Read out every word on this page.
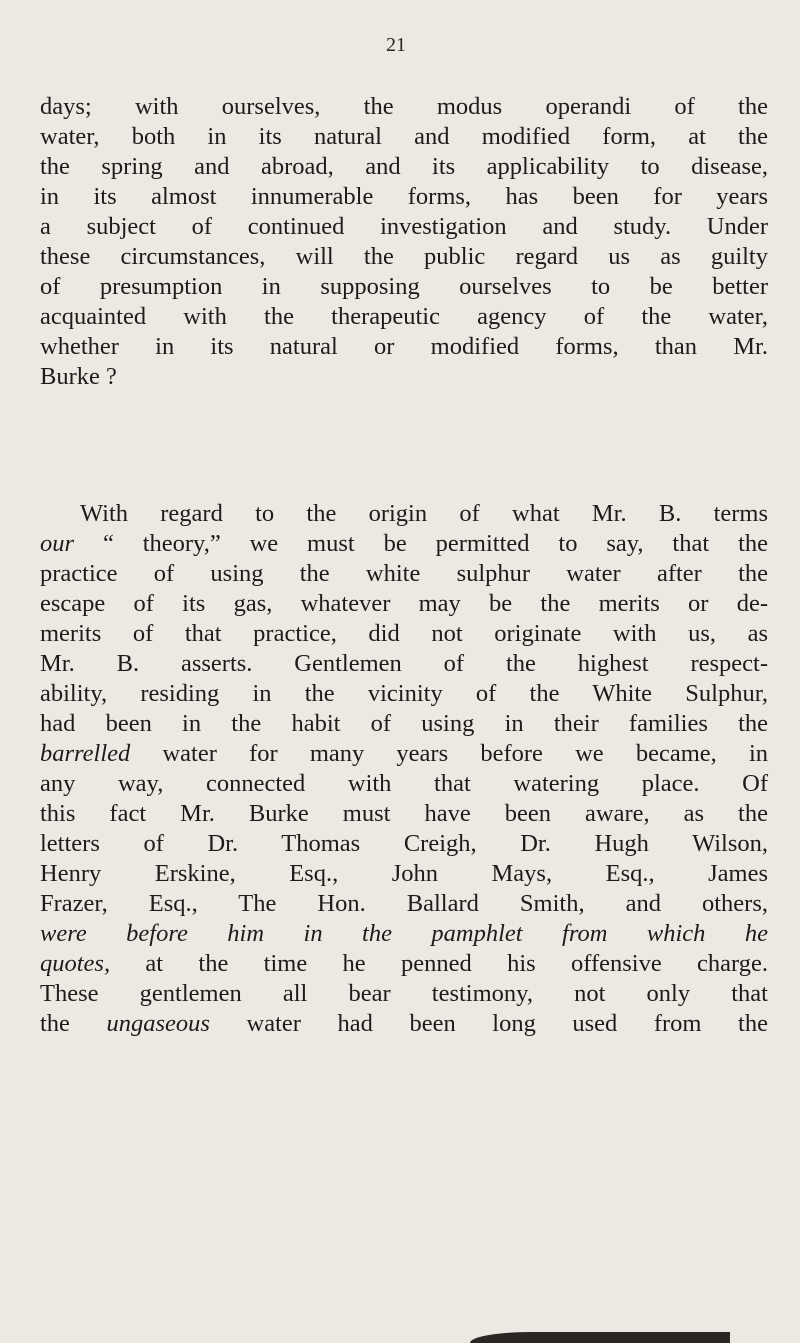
21
days; with ourselves, the modus operandi of the
water, both in its natural and modified form, at the
the spring and abroad, and its applicability to disease,
in its almost innumerable forms, has been for years
a subject of continued investigation and study. Under
these circumstances, will the public regard us as guilty
of presumption in supposing ourselves to be better
acquainted with the therapeutic agency of the water,
whether in its natural or modified forms, than Mr.
Burke ?
With regard to the origin of what Mr. B. terms
our “ theory,” we must be permitted to say, that the
practice of using the white sulphur water after the
escape of its gas, whatever may be the merits or de-
merits of that practice, did not originate with us, as
Mr. B. asserts. Gentlemen of the highest respect-
ability, residing in the vicinity of the White Sulphur,
had been in the habit of using in their families the
barrelled water for many years before we became, in
any way, connected with that watering place. Of
this fact Mr. Burke must have been aware, as the
letters of Dr. Thomas Creigh, Dr. Hugh Wilson,
Henry Erskine, Esq., John Mays, Esq., James
Frazer, Esq., The Hon. Ballard Smith, and others,
were before him in the pamphlet from which he
quotes, at the time he penned his offensive charge.
These gentlemen all bear testimony, not only that
the ungaseous water had been long used from the
